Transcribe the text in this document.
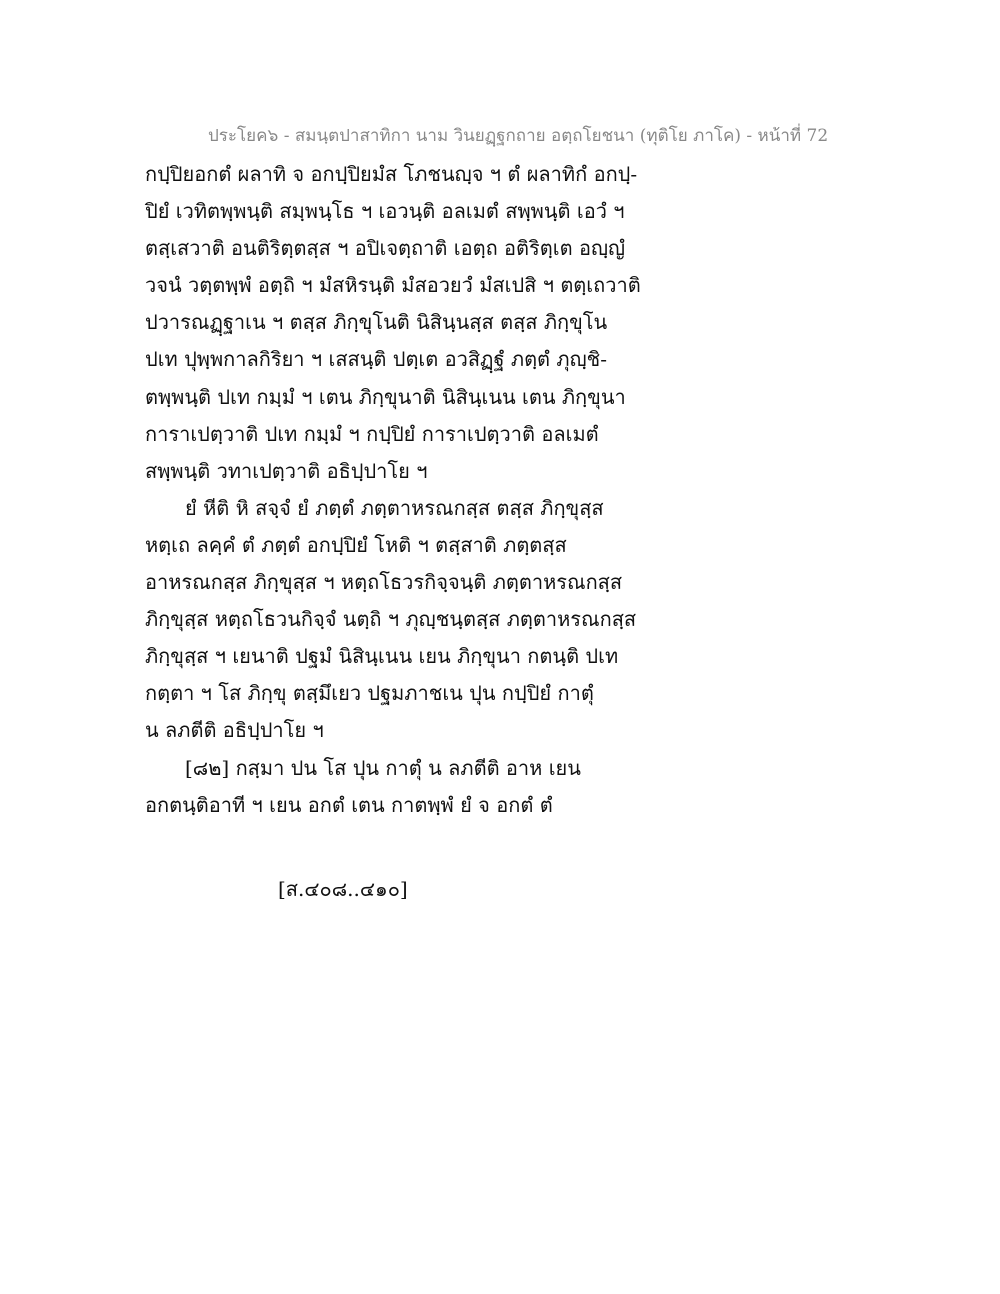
ประโยค๖ - สมนฺตปาสาทิกา นาม วินยฏฺฐกถาย อตฺถโยชนา (ทุติโย ภาโค) - หน้าที่ 72
กปฺปิยอกตํ ผลาทิ จ อกปฺปิยมํส โภชนญฺจ ฯ ตํ ผลาทิกํ อกปฺ-
ปิยํ เวทิตพฺพนฺติ สมฺพนฺโธ ฯ เอวนฺติ อลเมตํ สพฺพนฺติ เอวํ ฯ
ตสฺเสวาติ อนติริตฺตสฺส ฯ อปิเจตฺถาติ เอตฺถ อติริตฺเต อญฺญํ
วจนํ วตฺตพฺพํ อตฺถิ ฯ มํสหิรนฺติ มํสอวยวํ มํสเปสิ ฯ ตตฺเถวาติ
ปวารณฏฺฐาเน ฯ ตสฺส ภิกฺขุโนติ นิสินฺนสฺส ตสฺส ภิกฺขุโน
ปเท ปุพฺพกาลกิริยา ฯ เสสนฺติ ปตฺเต อวสิฏฺฐํ ภตฺตํ ภุญฺชิ-
ตพฺพนฺติ ปเท กมฺมํ ฯ เตน ภิกฺขุนาติ นิสินฺเนน เตน ภิกฺขุนา
การาเปตฺวาติ ปเท กมฺมํ ฯ กปฺปิยํ การาเปตฺวาติ อลเมตํ
สพฺพนฺติ วทาเปตฺวาติ อธิปฺปาโย ฯ
ยํ หีติ หิ สจฺจํ ยํ ภตฺตํ ภตฺตาหรณกสฺส ตสฺส ภิกฺขุสฺส
หตฺเถ ลคฺคํ ตํ ภตฺตํ อกปฺปิยํ โหติ ฯ ตสฺสาติ ภตฺตสฺส
อาหรณกสฺส ภิกฺขุสฺส ฯ หตฺถโธวรกิจฺจนฺติ ภตฺตาหรณกสฺส
ภิกฺขุสฺส หตฺถโธวนกิจฺจํ นตฺถิ ฯ ภุญฺชนฺตสฺส ภตฺตาหรณกสฺส
ภิกฺขุสฺส ฯ เยนาติ ปฐมํ นิสินฺเนน เยน ภิกฺขุนา กตนฺติ ปเท
กตฺตา ฯ โส ภิกฺขุ ตสฺมึเยว ปฐมภาชเน ปุน กปฺปิยํ กาตุํ
น ลภตีติ อธิปฺปาโย ฯ
[๘๒] กสฺมา ปน โส ปุน กาตุํ น ลภตีติ อาห เยน
อกตนฺติอาที ฯ เยน อกตํ เตน กาตพฺพํ ยํ จ อกตํ ตํ
[ส.๔๐๘..๔๑๐]
